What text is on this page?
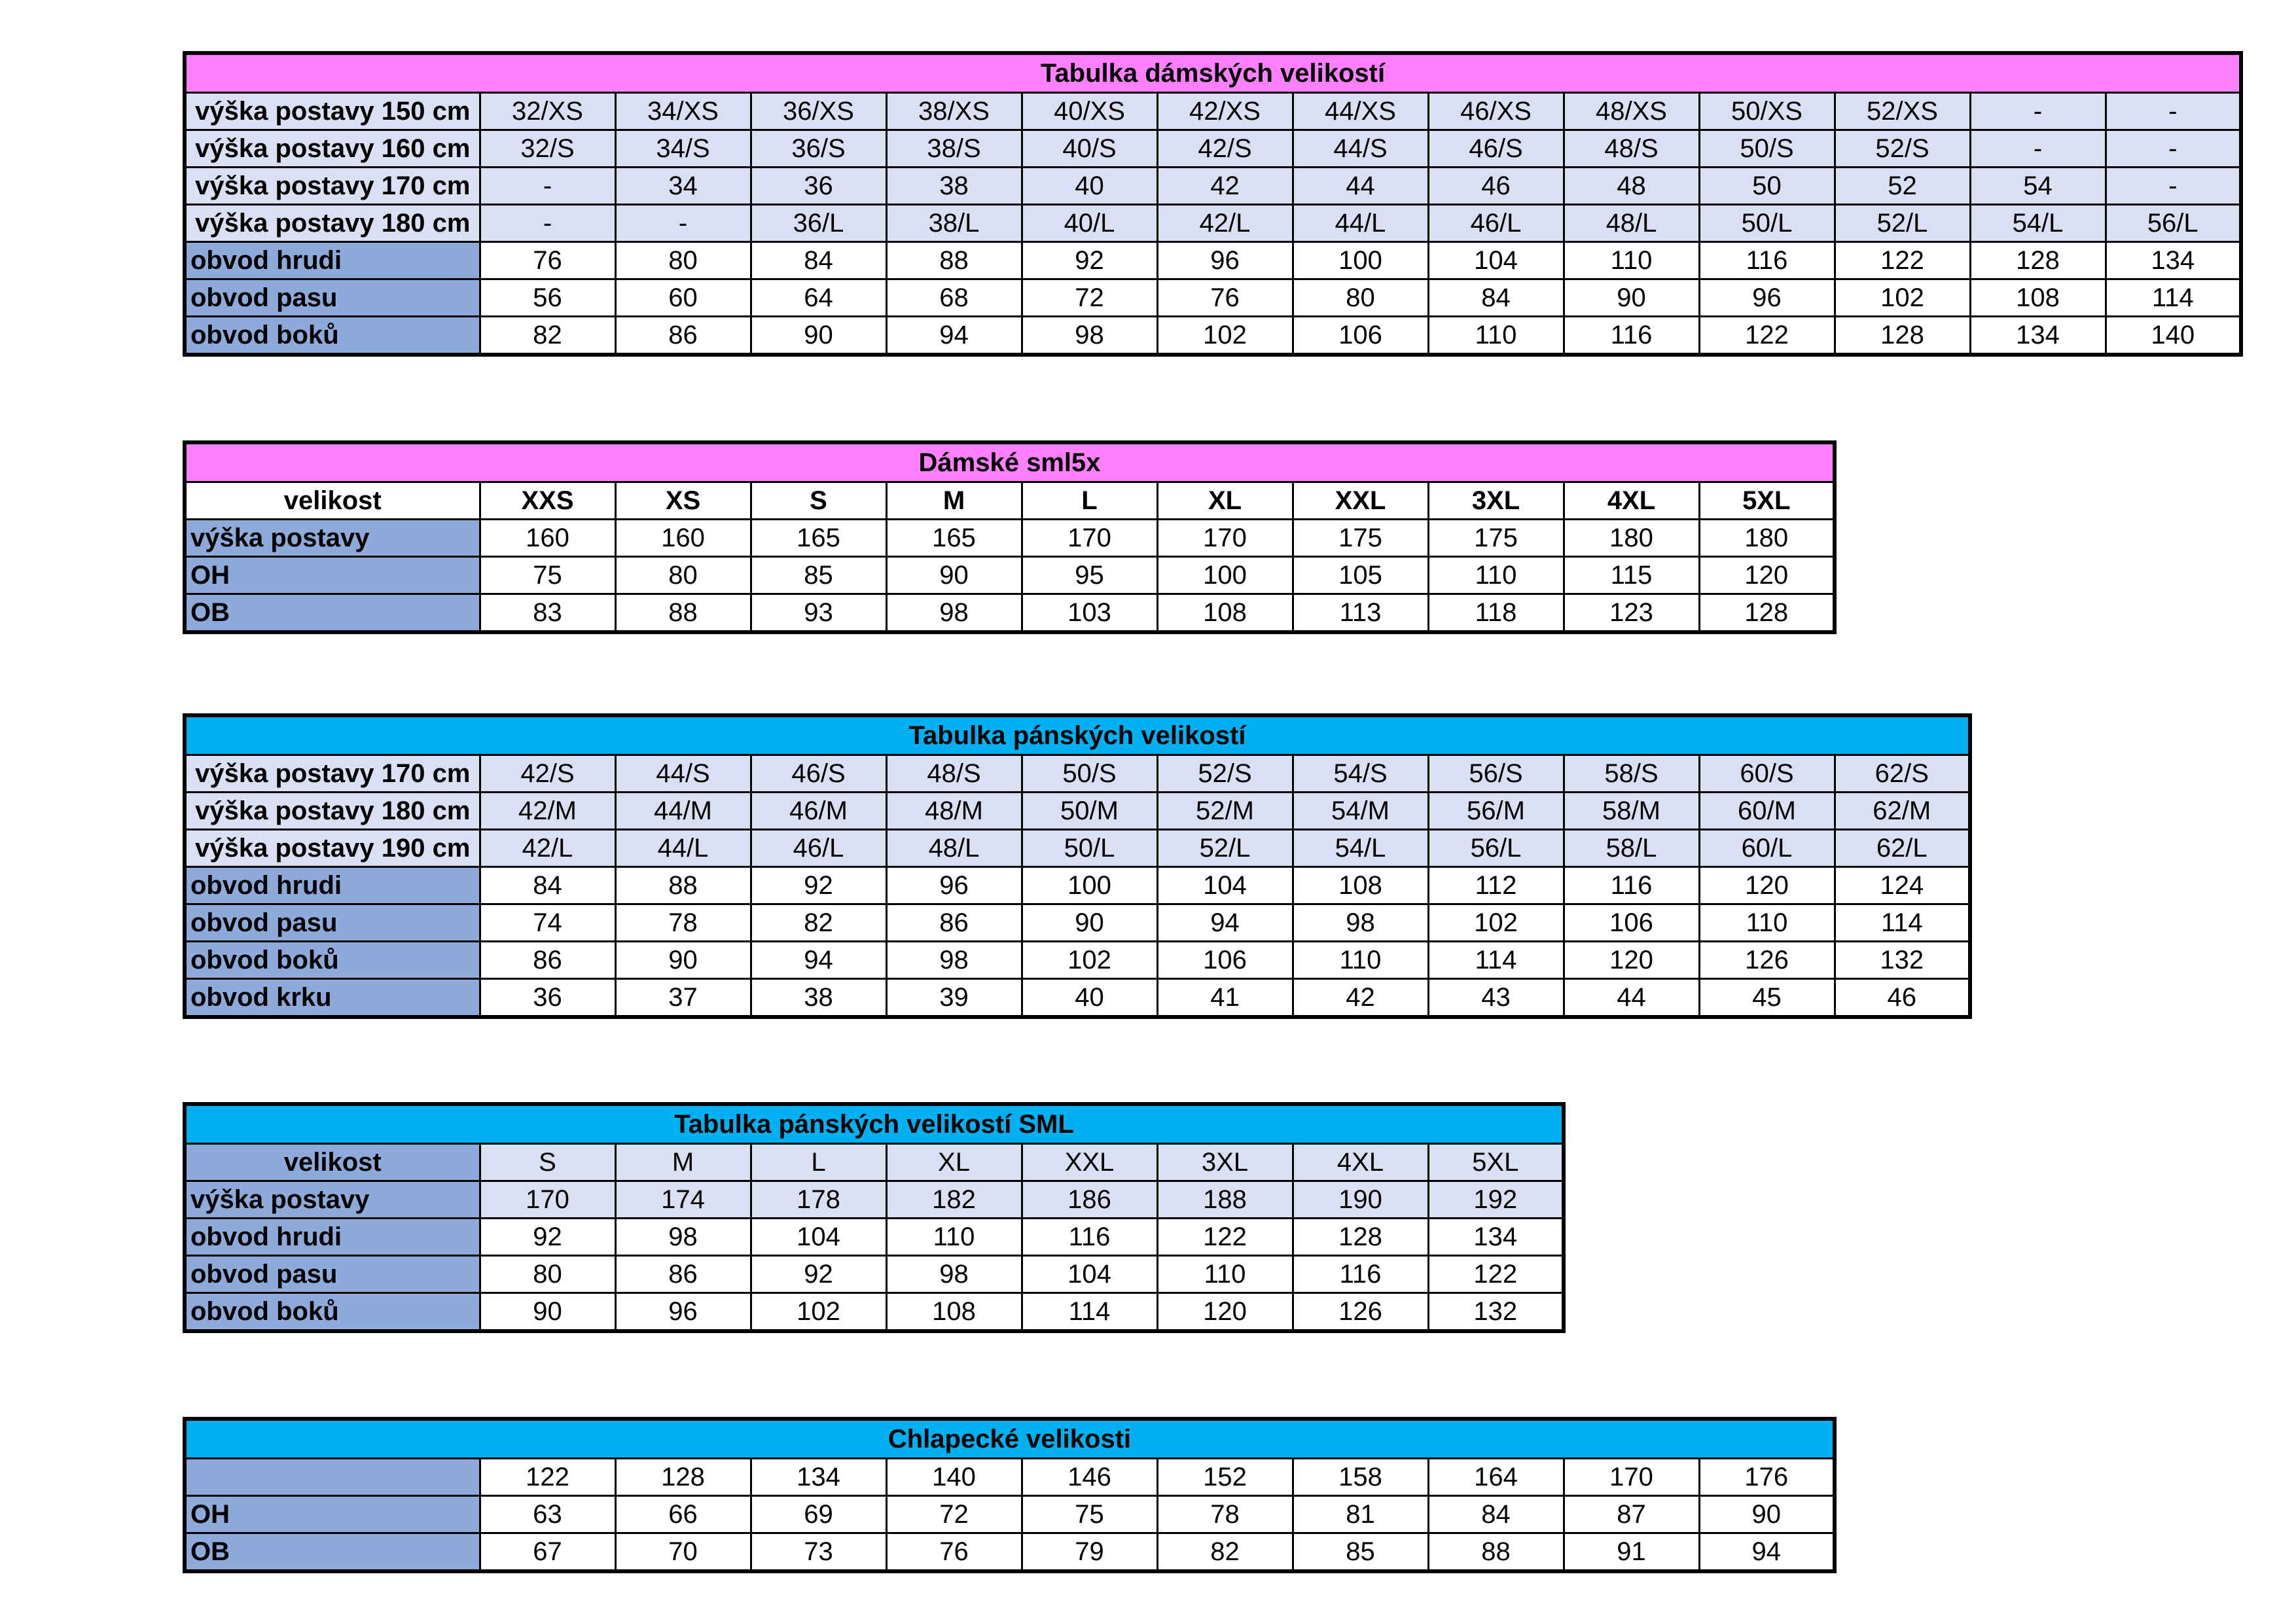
Tabulka dámských velikostí													
výška postavy 150 cm	32/XS	34/XS	36/XS	38/XS	40/XS	42/XS	44/XS	46/XS	48/XS	50/XS	52/XS	-	-
výška postavy 160 cm	32/S	34/S	36/S	38/S	40/S	42/S	44/S	46/S	48/S	50/S	52/S	-	-
výška postavy 170 cm	-	34	36	38	40	42	44	46	48	50	52	54	-
výška postavy 180 cm	-	-	36/L	38/L	40/L	42/L	44/L	46/L	48/L	50/L	52/L	54/L	56/L
obvod hrudi	76	80	84	88	92	96	100	104	110	116	122	128	134
obvod pasu	56	60	64	68	72	76	80	84	90	96	102	108	114
obvod boků	82	86	90	94	98	102	106	110	116	122	128	134	140
Dámské sml5x										
velikost	XXS	XS	S	M	L	XL	XXL	3XL	4XL	5XL
výška postavy	160	160	165	165	170	170	175	175	180	180
OH	75	80	85	90	95	100	105	110	115	120
OB	83	88	93	98	103	108	113	118	123	128
Tabulka pánských velikostí											
výška postavy 170 cm	42/S	44/S	46/S	48/S	50/S	52/S	54/S	56/S	58/S	60/S	62/S
výška postavy 180 cm	42/M	44/M	46/M	48/M	50/M	52/M	54/M	56/M	58/M	60/M	62/M
výška postavy 190 cm	42/L	44/L	46/L	48/L	50/L	52/L	54/L	56/L	58/L	60/L	62/L
obvod hrudi	84	88	92	96	100	104	108	112	116	120	124
obvod pasu	74	78	82	86	90	94	98	102	106	110	114
obvod boků	86	90	94	98	102	106	110	114	120	126	132
obvod krku	36	37	38	39	40	41	42	43	44	45	46
Tabulka pánských velikostí SML								
velikost	S	M	L	XL	XXL	3XL	4XL	5XL
výška postavy	170	174	178	182	186	188	190	192
obvod hrudi	92	98	104	110	116	122	128	134
obvod pasu	80	86	92	98	104	110	116	122
obvod boků	90	96	102	108	114	120	126	132
Chlapecké velikosti										
	122	128	134	140	146	152	158	164	170	176
OH	63	66	69	72	75	78	81	84	87	90
OB	67	70	73	76	79	82	85	88	91	94
